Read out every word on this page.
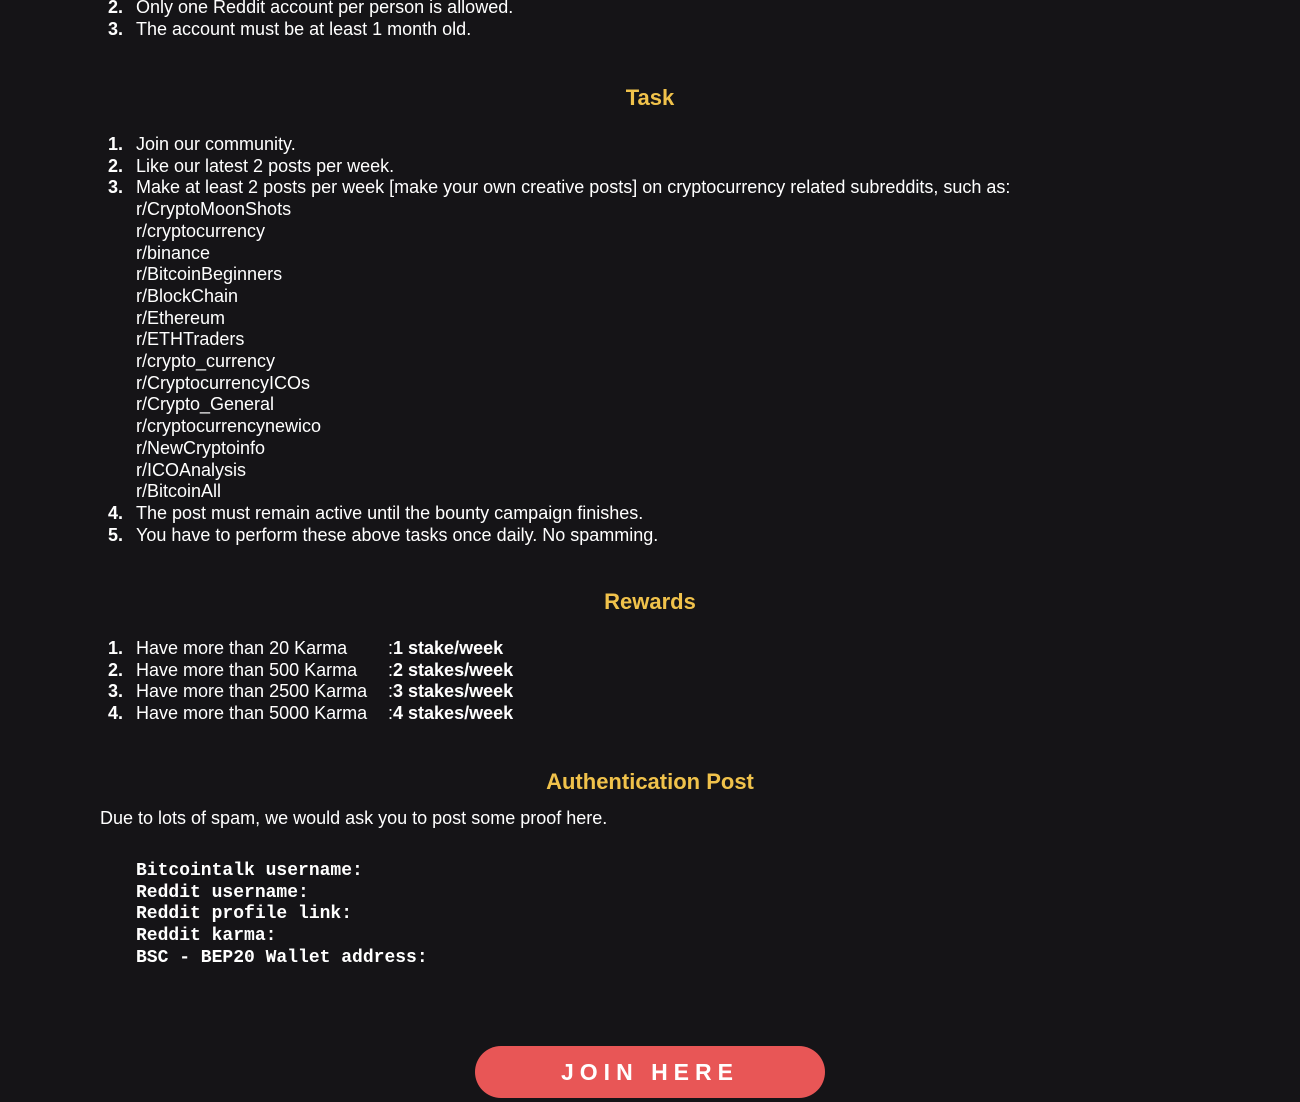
2. Only one Reddit account per person is allowed.
3. The account must be at least 1 month old.
Task
1. Join our community.
2. Like our latest 2 posts per week.
3. Make at least 2 posts per week [make your own creative posts] on cryptocurrency related subreddits, such as:
r/CryptoMoonShots
r/cryptocurrency
r/binance
r/BitcoinBeginners
r/BlockChain
r/Ethereum
r/ETHTraders
r/crypto_currency
r/CryptocurrencyICOs
r/Crypto_General
r/cryptocurrencynewico
r/NewCryptoinfo
r/ICOAnalysis
r/BitcoinAll
4. The post must remain active until the bounty campaign finishes.
5. You have to perform these above tasks once daily. No spamming.
Rewards
1. Have more than 20 Karma :1 stake/week
2. Have more than 500 Karma :2 stakes/week
3. Have more than 2500 Karma :3 stakes/week
4. Have more than 5000 Karma :4 stakes/week
Authentication Post

Due to lots of spam, we would ask you to post some proof here.

Bitcointalk username:
Reddit username:
Reddit profile link:
Reddit karma:
BSC - BEP20 Wallet address:
JOIN HERE
